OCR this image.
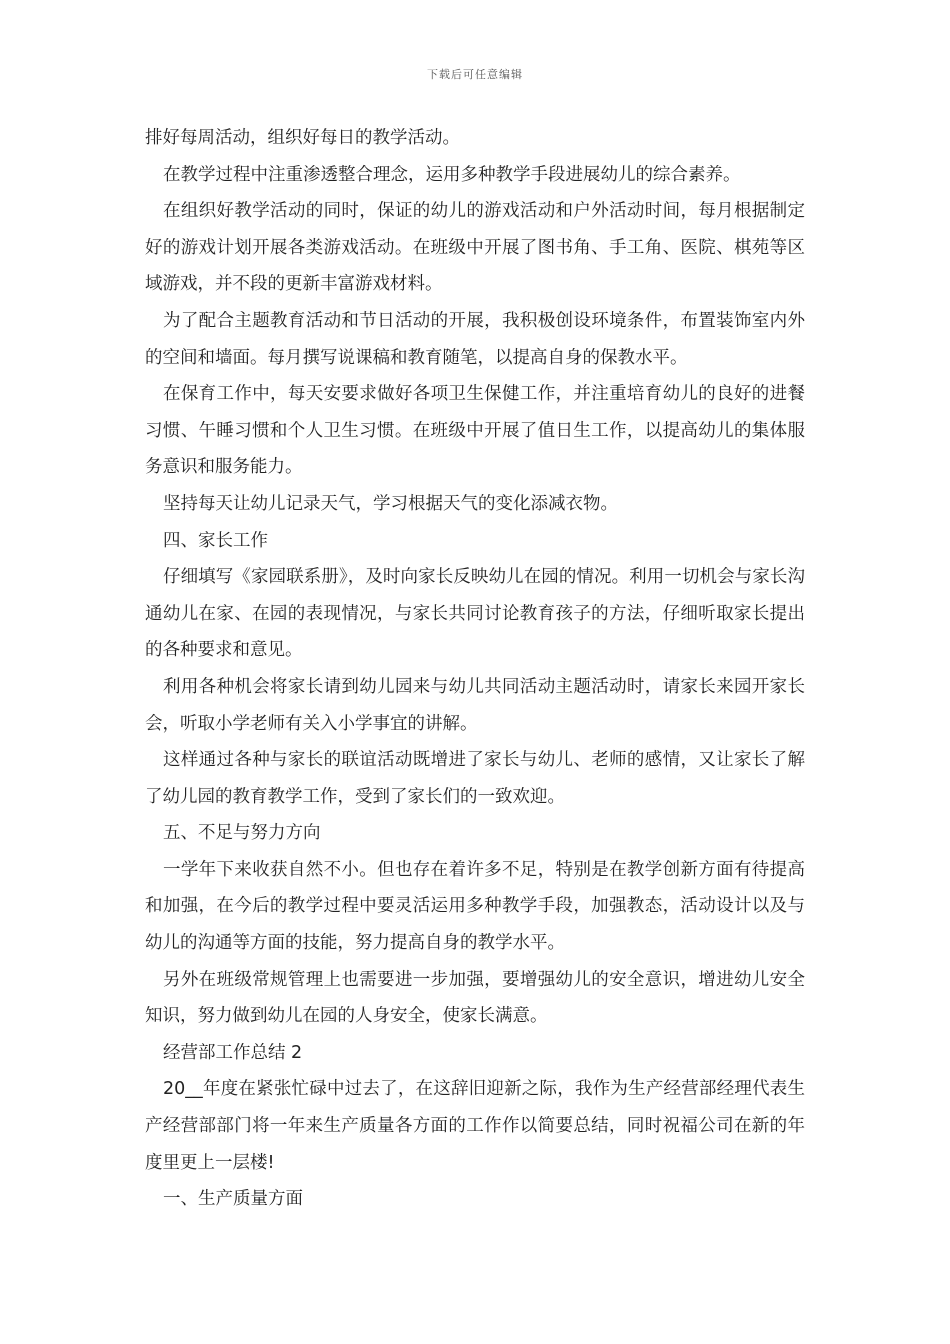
下载后可任意编辑

排好每周活动，组织好每日的教学活动。

在教学过程中注重渗透整合理念，运用多种教学手段进展幼儿的综合素养。

在组织好教学活动的同时，保证的幼儿的游戏活动和户外活动时间，每月根据制定好的游戏计划开展各类游戏活动。在班级中开展了图书角、手工角、医院、棋苑等区域游戏，并不段的更新丰富游戏材料。

为了配合主题教育活动和节日活动的开展，我积极创设环境条件，布置装饰室内外的空间和墙面。每月撰写说课稿和教育随笔，以提高自身的保教水平。

在保育工作中，每天安要求做好各项卫生保健工作，并注重培育幼儿的良好的进餐习惯、午睡习惯和个人卫生习惯。在班级中开展了值日生工作，以提高幼儿的集体服务意识和服务能力。

坚持每天让幼儿记录天气，学习根据天气的变化添减衣物。

四、家长工作

仔细填写《家园联系册》，及时向家长反映幼儿在园的情况。利用一切机会与家长沟通幼儿在家、在园的表现情况，与家长共同讨论教育孩子的方法，仔细听取家长提出的各种要求和意见。

利用各种机会将家长请到幼儿园来与幼儿共同活动主题活动时，请家长来园开家长会，听取小学老师有关入小学事宜的讲解。

这样通过各种与家长的联谊活动既增进了家长与幼儿、老师的感情，又让家长了解了幼儿园的教育教学工作，受到了家长们的一致欢迎。

五、不足与努力方向

一学年下来收获自然不小。但也存在着许多不足，特别是在教学创新方面有待提高和加强，在今后的教学过程中要灵活运用多种教学手段，加强教态，活动设计以及与幼儿的沟通等方面的技能，努力提高自身的教学水平。

另外在班级常规管理上也需要进一步加强，要增强幼儿的安全意识，增进幼儿安全知识，努力做到幼儿在园的人身安全，使家长满意。

经营部工作总结 2

20__年度在紧张忙碌中过去了，在这辞旧迎新之际，我作为生产经营部经理代表生产经营部部门将一年来生产质量各方面的工作作以简要总结，同时祝福公司在新的年度里更上一层楼!

一、生产质量方面
